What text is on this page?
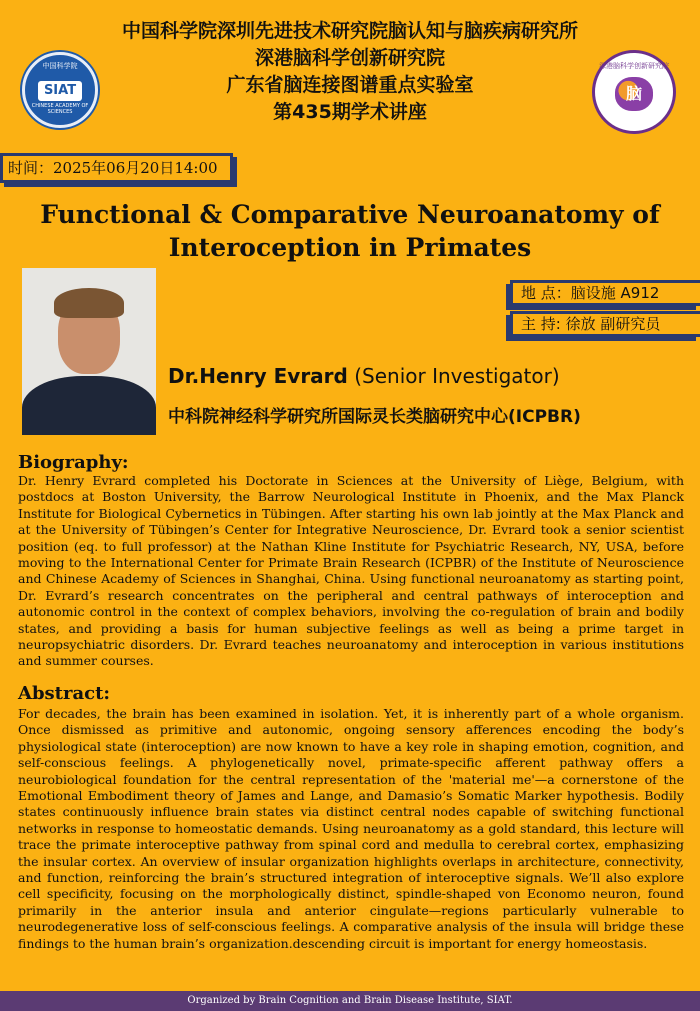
中国科学院深圳先进技术研究院脑认知与脑疾病研究所
深港脑科学创新研究院
广东省脑连接图谱重点实验室
第435期学术讲座
中国科学院
SIAT
CHINESE ACADEMY OF SCIENCES
深港脑科学创新研究院
脑
时间：2025年06月20日14:00
Functional & Comparative Neuroanatomy of
Interoception in Primates
地 点：脑设施 A912
主 持: 徐放 副研究员
Dr.Henry Evrard (Senior Investigator)
中科院神经科学研究所国际灵长类脑研究中心(ICPBR)
Biography:
Dr. Henry Evrard completed his Doctorate in Sciences at the University of Liège, Belgium, with postdocs at Boston University, the Barrow Neurological Institute in Phoenix, and the Max Planck Institute for Biological Cybernetics in Tübingen. After starting his own lab jointly at the Max Planck and at the University of Tübingen’s Center for Integrative Neuroscience, Dr. Evrard took a senior scientist position (eq. to full professor) at the Nathan Kline Institute for Psychiatric Research, NY, USA, before moving to the International Center for Primate Brain Research (ICPBR) of the Institute of Neuroscience and Chinese Academy of Sciences in Shanghai, China. Using functional neuroanatomy as starting point, Dr. Evrard’s research concentrates on the peripheral and central pathways of interoception and autonomic control in the context of complex behaviors, involving the co-regulation of brain and bodily states, and providing a basis for human subjective feelings as well as being a prime target in neuropsychiatric disorders. Dr. Evrard teaches neuroanatomy and interoception in various institutions and summer courses.
Abstract:
For decades, the brain has been examined in isolation. Yet, it is inherently part of a whole organism. Once dismissed as primitive and autonomic, ongoing sensory afferences encoding the body’s physiological state (interoception) are now known to have a key role in shaping emotion, cognition, and self-conscious feelings. A phylogenetically novel, primate-specific afferent pathway offers a neurobiological foundation for the central representation of the 'material me'—a cornerstone of the Emotional Embodiment theory of James and Lange, and Damasio’s Somatic Marker hypothesis. Bodily states continuously influence brain states via distinct central nodes capable of switching functional networks in response to homeostatic demands. Using neuroanatomy as a gold standard, this lecture will trace the primate interoceptive pathway from spinal cord and medulla to cerebral cortex, emphasizing the insular cortex. An overview of insular organization highlights overlaps in architecture, connectivity, and function, reinforcing the brain’s structured integration of interoceptive signals. We’ll also explore cell specificity, focusing on the morphologically distinct, spindle-shaped von Economo neuron, found primarily in the anterior insula and anterior cingulate—regions particularly vulnerable to neurodegenerative loss of self-conscious feelings. A comparative analysis of the insula will bridge these findings to the human brain’s organization.descending circuit is important for energy homeostasis.
Organized by Brain Cognition and Brain Disease Institute, SIAT.
